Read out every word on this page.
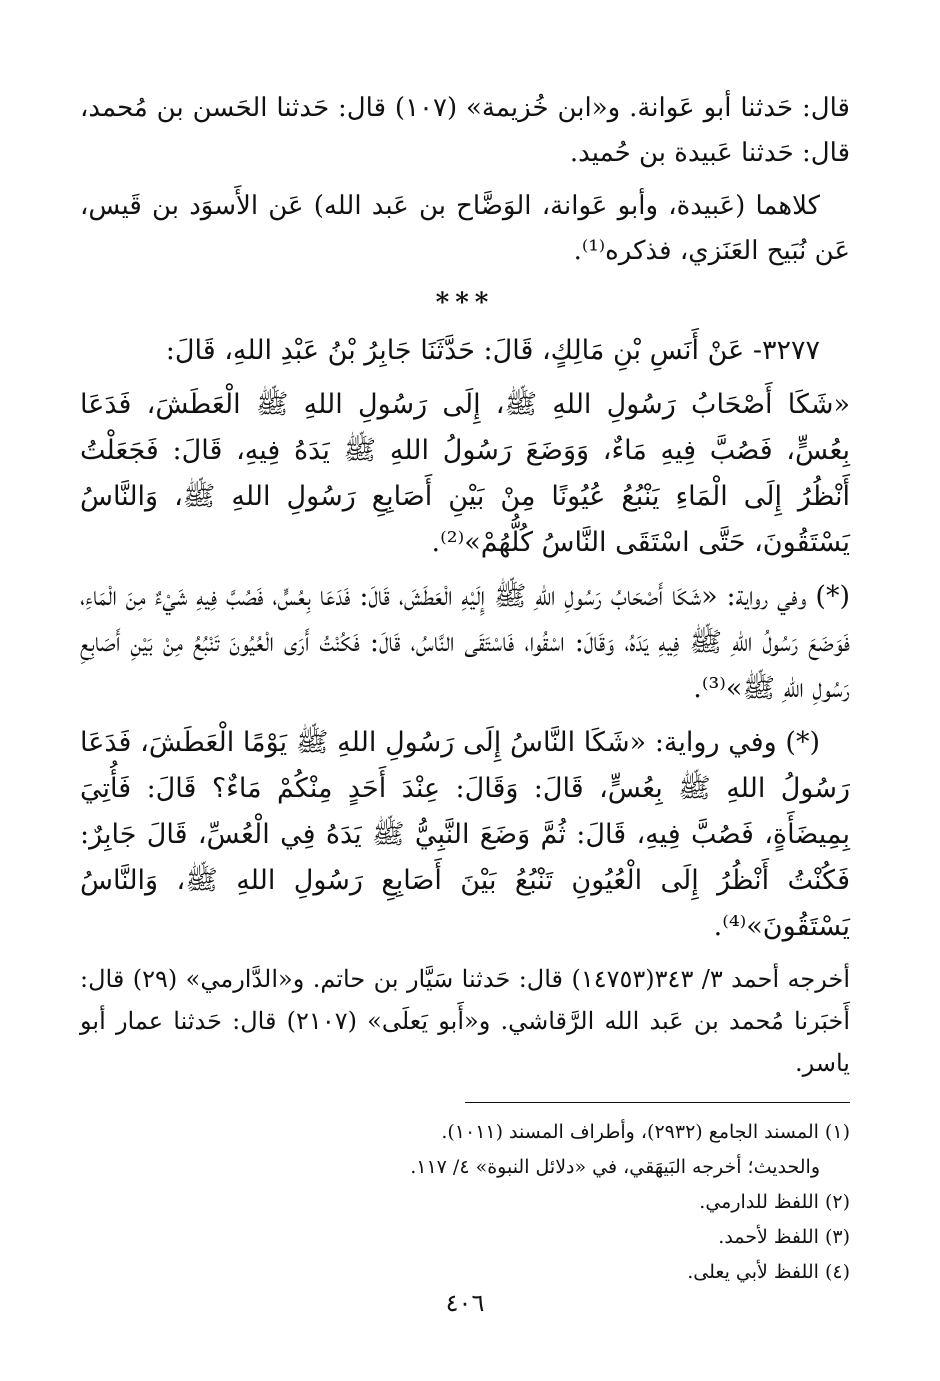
قال: حَدثنا أبو عَوانة. و«ابن خُزيمة» (١٠٧) قال: حَدثنا الحَسن بن مُحمد، قال: حَدثنا عَبيدة بن حُميد.

كلاهما (عَبيدة، وأبو عَوانة، الوَضَّاح بن عَبد الله) عَن الأَسوَد بن قَيس، عَن نُبَيح العَنَزي، فذكره⁽¹⁾.

***

٣٢٧٧- عَنْ أَنَسِ بْنِ مَالِكٍ، قَالَ: حَدَّثَنَا جَابِرُ بْنُ عَبْدِ اللهِ، قَالَ:

«شَكَا أَصْحَابُ رَسُولِ اللهِ ﷺ، إِلَى رَسُولِ اللهِ ﷺ الْعَطَشَ، فَدَعَا بِعُسٍّ، فَصُبَّ فِيهِ مَاءٌ، وَوَضَعَ رَسُولُ اللهِ ﷺ يَدَهُ فِيهِ، قَالَ: فَجَعَلْتُ أَنْظُرُ إِلَى الْمَاءِ يَنْبُعُ عُيُونًا مِنْ بَيْنِ أَصَابِعِ رَسُولِ اللهِ ﷺ، وَالنَّاسُ يَسْتَقُونَ، حَتَّى اسْتَقَى النَّاسُ كُلُّهُمْ»⁽²⁾.

(*) وفي رواية: «شَكَا أَصْحَابُ رَسُولِ اللهِ ﷺ إِلَيْهِ الْعَطَشَ، قَالَ: فَدَعَا بِعُسٍّ، فَصُبَّ فِيهِ شَيْءٌ مِنَ الْمَاءِ، فَوَضَعَ رَسُولُ اللهِ ﷺ فِيهِ يَدَهُ، وَقَالَ: اسْقُوا، فَاسْتَقَى النَّاسُ، قَالَ: فَكُنْتُ أَرَى الْعُيُونَ تَنْبُعُ مِنْ بَيْنِ أَصَابِعِ رَسُولِ اللهِ ﷺ»⁽³⁾.

(*) وفي رواية: «شَكَا النَّاسُ إِلَى رَسُولِ اللهِ ﷺ يَوْمًا الْعَطَشَ، فَدَعَا رَسُولُ اللهِ ﷺ بِعُسٍّ، قَالَ: وَقَالَ: عِنْدَ أَحَدٍ مِنْكُمْ مَاءٌ؟ قَالَ: فَأُتِيَ بِمِيضَأَةٍ، فَصُبَّ فِيهِ، قَالَ: ثُمَّ وَضَعَ النَّبِيُّ ﷺ يَدَهُ فِي الْعُسِّ، قَالَ جَابِرٌ: فَكُنْتُ أَنْظُرُ إِلَى الْعُيُونِ تَنْبُعُ بَيْنَ أَصَابِعِ رَسُولِ اللهِ ﷺ، وَالنَّاسُ يَسْتَقُونَ»⁽⁴⁾.

أخرجه أحمد ٣/ ٣٤٣(١٤٧٥٣) قال: حَدثنا سَيَّار بن حاتم. و«الدَّارمي» (٢٩) قال: أَخبَرنا مُحمد بن عَبد الله الرَّقاشي. و«أَبو يَعلَى» (٢١٠٧) قال: حَدثنا عمار أبو ياسر.

(١) المسند الجامع (٢٩٣٢)، وأطراف المسند (١٠١١).

والحديث؛ أخرجه البَيهَقي، في «دلائل النبوة» ٤/ ١١٧.

(٢) اللفظ للدارمي.

(٣) اللفظ لأحمد.

(٤) اللفظ لأبي يعلى.

٤٠٦
